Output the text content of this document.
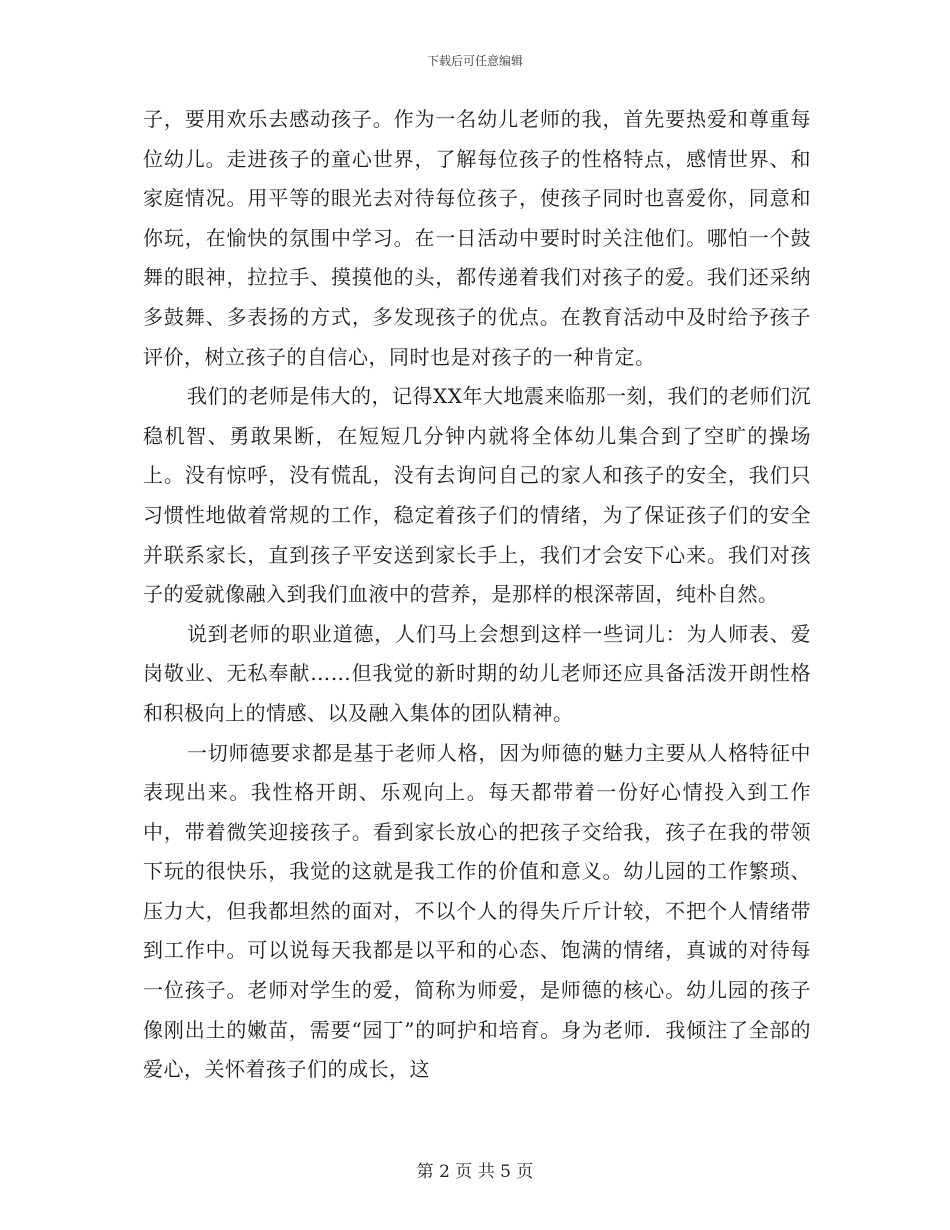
下载后可任意编辑

子，要用欢乐去感动孩子。作为一名幼儿老师的我，首先要热爱和尊重每位幼儿。走进孩子的童心世界，了解每位孩子的性格特点，感情世界、和家庭情况。用平等的眼光去对待每位孩子，使孩子同时也喜爱你，同意和你玩，在愉快的氛围中学习。在一日活动中要时时关注他们。哪怕一个鼓舞的眼神，拉拉手、摸摸他的头，都传递着我们对孩子的爱。我们还采纳多鼓舞、多表扬的方式，多发现孩子的优点。在教育活动中及时给予孩子评价，树立孩子的自信心，同时也是对孩子的一种肯定。

我们的老师是伟大的，记得XX年大地震来临那一刻，我们的老师们沉稳机智、勇敢果断，在短短几分钟内就将全体幼儿集合到了空旷的操场上。没有惊呼，没有慌乱，没有去询问自己的家人和孩子的安全，我们只习惯性地做着常规的工作，稳定着孩子们的情绪，为了保证孩子们的安全并联系家长，直到孩子平安送到家长手上，我们才会安下心来。我们对孩子的爱就像融入到我们血液中的营养，是那样的根深蒂固，纯朴自然。

说到老师的职业道德，人们马上会想到这样一些词儿：为人师表、爱岗敬业、无私奉献……但我觉的新时期的幼儿老师还应具备活泼开朗性格和积极向上的情感、以及融入集体的团队精神。

一切师德要求都是基于老师人格，因为师德的魅力主要从人格特征中表现出来。我性格开朗、乐观向上。每天都带着一份好心情投入到工作中，带着微笑迎接孩子。看到家长放心的把孩子交给我，孩子在我的带领下玩的很快乐，我觉的这就是我工作的价值和意义。幼儿园的工作繁琐、压力大，但我都坦然的面对，不以个人的得失斤斤计较，不把个人情绪带到工作中。可以说每天我都是以平和的心态、饱满的情绪，真诚的对待每一位孩子。老师对学生的爱，简称为师爱，是师德的核心。幼儿园的孩子像刚出土的嫩苗，需要“园丁”的呵护和培育。身为老师．我倾注了全部的爱心，关怀着孩子们的成长，这

第 2 页 共 5 页
